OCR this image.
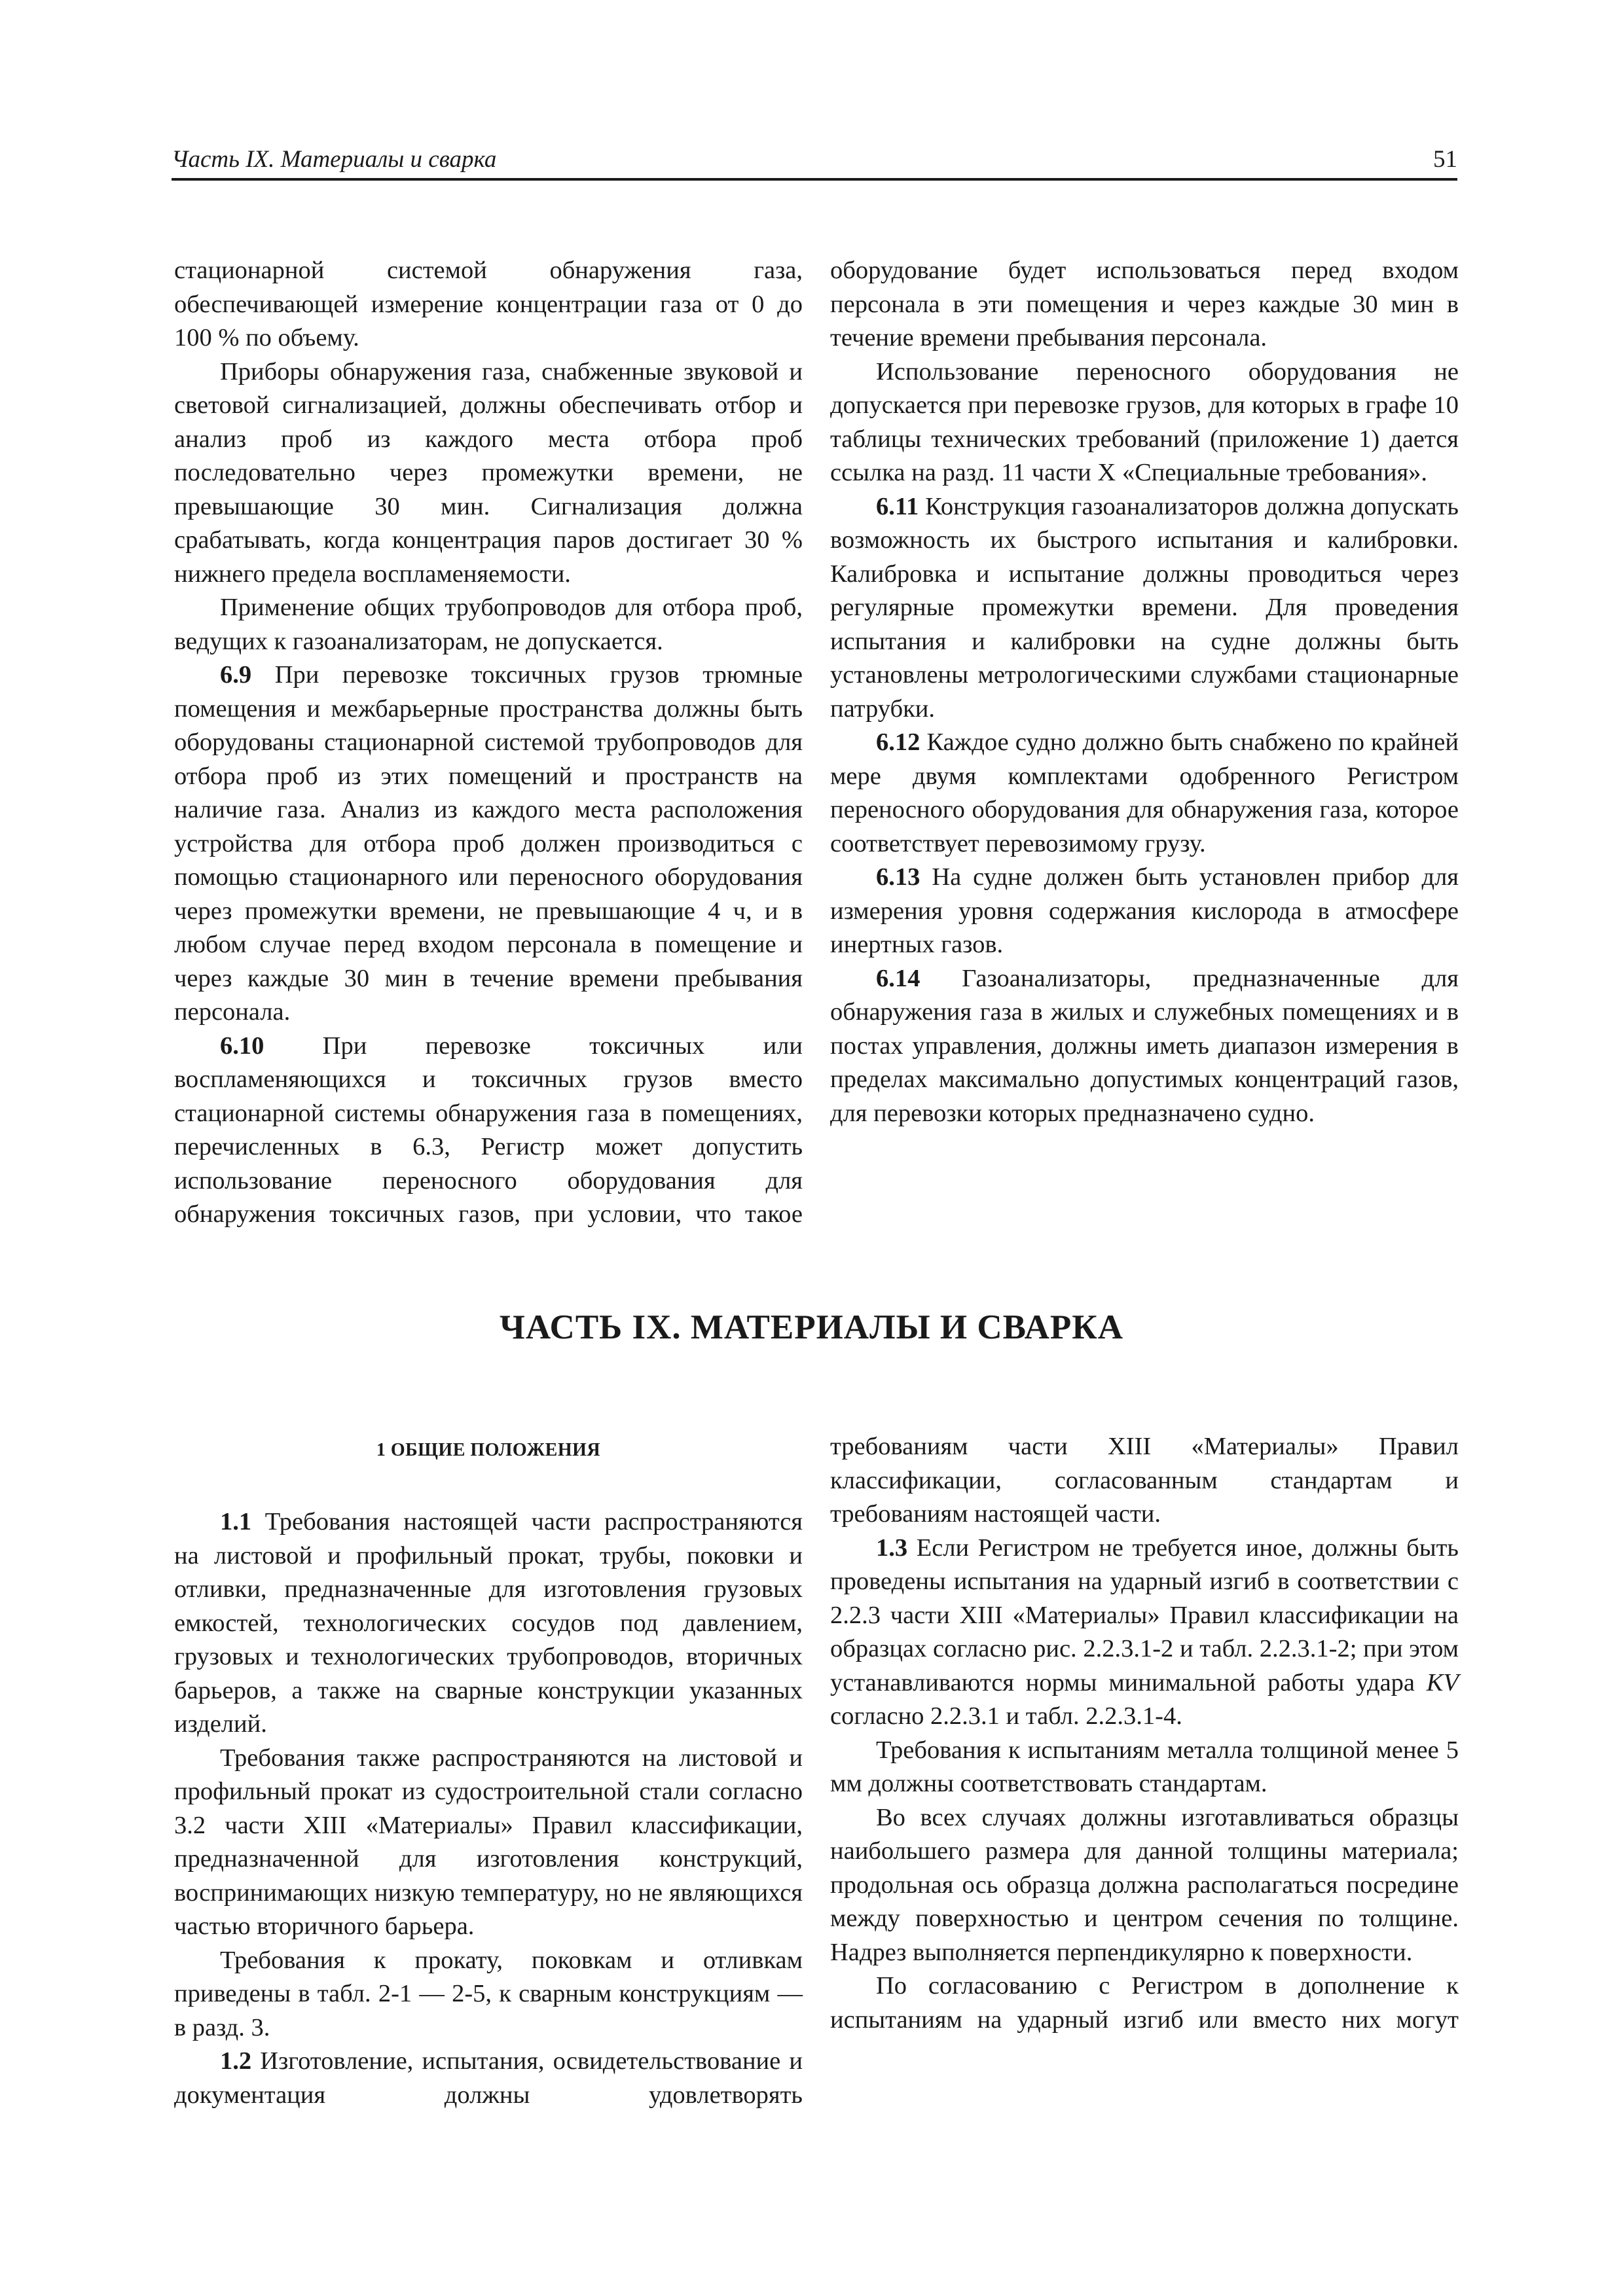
Часть IX. Материалы и сварка	51

стационарной системой обнаружения газа, обеспечивающей измерение концентрации газа от 0 до 100 % по объему.

Приборы обнаружения газа, снабженные звуковой и световой сигнализацией, должны обеспечивать отбор и анализ проб из каждого места отбора проб последовательно через промежутки времени, не превышающие 30 мин. Сигнализация должна срабатывать, когда концентрация паров достигает 30 % нижнего предела воспламеняемости.

Применение общих трубопроводов для отбора проб, ведущих к газоанализаторам, не допускается.

6.9 При перевозке токсичных грузов трюмные помещения и межбарьерные пространства должны быть оборудованы стационарной системой трубопроводов для отбора проб из этих помещений и пространств на наличие газа. Анализ из каждого места расположения устройства для отбора проб должен производиться с помощью стационарного или переносного оборудования через промежутки времени, не превышающие 4 ч, и в любом случае перед входом персонала в помещение и через каждые 30 мин в течение времени пребывания персонала.

6.10 При перевозке токсичных или воспламеняющихся и токсичных грузов вместо стационарной системы обнаружения газа в помещениях, перечисленных в 6.3, Регистр может допустить использование переносного оборудования для обнаружения токсичных газов, при условии, что такое

оборудование будет использоваться перед входом персонала в эти помещения и через каждые 30 мин в течение времени пребывания персонала.

Использование переносного оборудования не допускается при перевозке грузов, для которых в графе 10 таблицы технических требований (приложение 1) дается ссылка на разд. 11 части X «Специальные требования».

6.11 Конструкция газоанализаторов должна допускать возможность их быстрого испытания и калибровки. Калибровка и испытание должны проводиться через регулярные промежутки времени. Для проведения испытания и калибровки на судне должны быть установлены метрологическими службами стационарные патрубки.

6.12 Каждое судно должно быть снабжено по крайней мере двумя комплектами одобренного Регистром переносного оборудования для обнаружения газа, которое соответствует перевозимому грузу.

6.13 На судне должен быть установлен прибор для измерения уровня содержания кислорода в атмосфере инертных газов.

6.14 Газоанализаторы, предназначенные для обнаружения газа в жилых и служебных помещениях и в постах управления, должны иметь диапазон измерения в пределах максимально допустимых концентраций газов, для перевозки которых предназначено судно.

ЧАСТЬ IX. МАТЕРИАЛЫ И СВАРКА
1 ОБЩИЕ ПОЛОЖЕНИЯ

1.1 Требования настоящей части распространяются на листовой и профильный прокат, трубы, поковки и отливки, предназначенные для изготовления грузовых емкостей, технологических сосудов под давлением, грузовых и технологических трубопроводов, вторичных барьеров, а также на сварные конструкции указанных изделий.

Требования также распространяются на листовой и профильный прокат из судостроительной стали согласно 3.2 части XIII «Материалы» Правил классификации, предназначенной для изготовления конструкций, воспринимающих низкую температуру, но не являющихся частью вторичного барьера.

Требования к прокату, поковкам и отливкам приведены в табл. 2-1 — 2-5, к сварным конструкциям — в разд. 3.

1.2 Изготовление, испытания, освидетельствование и документация должны удовлетворять

требованиям части XIII «Материалы» Правил классификации, согласованным стандартам и требованиям настоящей части.

1.3 Если Регистром не требуется иное, должны быть проведены испытания на ударный изгиб в соответствии с 2.2.3 части XIII «Материалы» Правил классификации на образцах согласно рис. 2.2.3.1-2 и табл. 2.2.3.1-2; при этом устанавливаются нормы минимальной работы удара KV согласно 2.2.3.1 и табл. 2.2.3.1-4.

Требования к испытаниям металла толщиной менее 5 мм должны соответствовать стандартам.

Во всех случаях должны изготавливаться образцы наибольшего размера для данной толщины материала; продольная ось образца должна располагаться посредине между поверхностью и центром сечения по толщине. Надрез выполняется перпендикулярно к поверхности.

По согласованию с Регистром в дополнение к испытаниям на ударный изгиб или вместо них могут
